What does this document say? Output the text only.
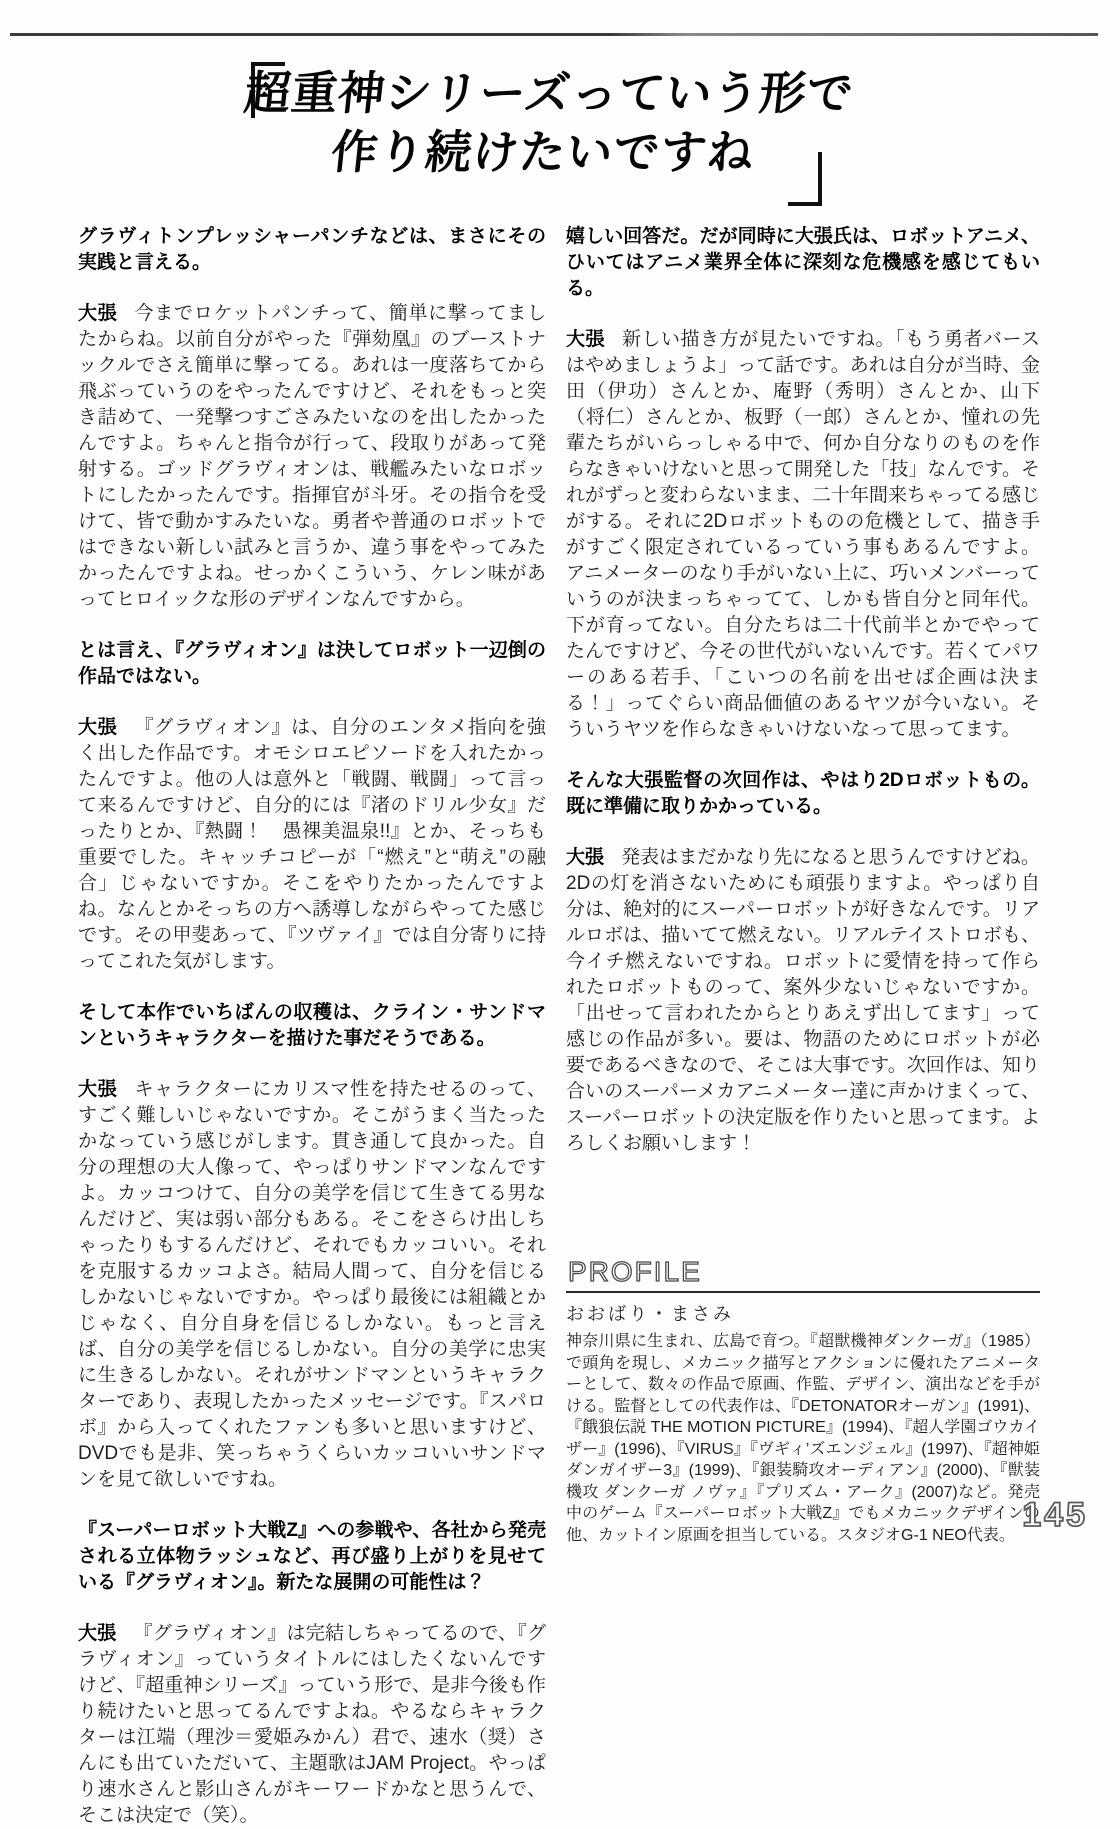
超重神シリーズっていう形で
作り続けたいですね

グラヴィトンプレッシャーパンチなどは、まさにその実践と言える。

大張 今までロケットパンチって、簡単に撃ってましたからね。以前自分がやった『弾劾凰』のブーストナックルでさえ簡単に撃ってる。あれは一度落ちてから飛ぶっていうのをやったんですけど、それをもっと突き詰めて、一発撃つすごさみたいなのを出したかったんですよ。ちゃんと指令が行って、段取りがあって発射する。ゴッドグラヴィオンは、戦艦みたいなロボットにしたかったんです。指揮官が斗牙。その指令を受けて、皆で動かすみたいな。勇者や普通のロボットではできない新しい試みと言うか、違う事をやってみたかったんですよね。せっかくこういう、ケレン味があってヒロイックな形のデザインなんですから。

とは言え、『グラヴィオン』は決してロボット一辺倒の作品ではない。

大張 『グラヴィオン』は、自分のエンタメ指向を強く出した作品です。オモシロエピソードを入れたかったんですよ。他の人は意外と「戦闘、戦闘」って言って来るんですけど、自分的には『渚のドリル少女』だったりとか、『熱闘！　愚裸美温泉!!』とか、そっちも重要でした。キャッチコピーが「“燃え”と“萌え”の融合」じゃないですか。そこをやりたかったんですよね。なんとかそっちの方へ誘導しながらやってた感じです。その甲斐あって、『ツヴァイ』では自分寄りに持ってこれた気がします。

そして本作でいちばんの収穫は、クライン・サンドマンというキャラクターを描けた事だそうである。

大張 キャラクターにカリスマ性を持たせるのって、すごく難しいじゃないですか。そこがうまく当たったかなっていう感じがします。貫き通して良かった。自分の理想の大人像って、やっぱりサンドマンなんですよ。カッコつけて、自分の美学を信じて生きてる男なんだけど、実は弱い部分もある。そこをさらけ出しちゃったりもするんだけど、それでもカッコいい。それを克服するカッコよさ。結局人間って、自分を信じるしかないじゃないですか。やっぱり最後には組織とかじゃなく、自分自身を信じるしかない。もっと言えば、自分の美学を信じるしかない。自分の美学に忠実に生きるしかない。それがサンドマンというキャラクターであり、表現したかったメッセージです。『スパロボ』から入ってくれたファンも多いと思いますけど、DVDでも是非、笑っちゃうくらいカッコいいサンドマンを見て欲しいですね。

『スーパーロボット大戦Z』への参戦や、各社から発売される立体物ラッシュなど、再び盛り上がりを見せている『グラヴィオン』。新たな展開の可能性は？

大張 『グラヴィオン』は完結しちゃってるので、『グラヴィオン』っていうタイトルにはしたくないんですけど、『超重神シリーズ』っていう形で、是非今後も作り続けたいと思ってるんですよね。やるならキャラクターは江端（理沙＝愛姫みかん）君で、速水（奨）さんにも出ていただいて、主題歌はJAM Project。やっぱり速水さんと影山さんがキーワードかなと思うんで、そこは決定で（笑）。

嬉しい回答だ。だが同時に大張氏は、ロボットアニメ、ひいてはアニメ業界全体に深刻な危機感を感じてもいる。

大張 新しい描き方が見たいですね。「もう勇者バースはやめましょうよ」って話です。あれは自分が当時、金田（伊功）さんとか、庵野（秀明）さんとか、山下（将仁）さんとか、板野（一郎）さんとか、憧れの先輩たちがいらっしゃる中で、何か自分なりのものを作らなきゃいけないと思って開発した「技」なんです。それがずっと変わらないまま、二十年間来ちゃってる感じがする。それに2Dロボットものの危機として、描き手がすごく限定されているっていう事もあるんですよ。アニメーターのなり手がいない上に、巧いメンバーっていうのが決まっちゃってて、しかも皆自分と同年代。下が育ってない。自分たちは二十代前半とかでやってたんですけど、今その世代がいないんです。若くてパワーのある若手、「こいつの名前を出せば企画は決まる！」ってぐらい商品価値のあるヤツが今いない。そういうヤツを作らなきゃいけないなって思ってます。

そんな大張監督の次回作は、やはり2Dロボットもの。既に準備に取りかかっている。

大張 発表はまだかなり先になると思うんですけどね。2Dの灯を消さないためにも頑張りますよ。やっぱり自分は、絶対的にスーパーロボットが好きなんです。リアルロボは、描いてて燃えない。リアルテイストロボも、今イチ燃えないですね。ロボットに愛情を持って作られたロボットものって、案外少ないじゃないですか。「出せって言われたからとりあえず出してます」って感じの作品が多い。要は、物語のためにロボットが必要であるべきなので、そこは大事です。次回作は、知り合いのスーパーメカアニメーター達に声かけまくって、スーパーロボットの決定版を作りたいと思ってます。よろしくお願いします！

PROFILE
おおばり・まさみ
神奈川県に生まれ、広島で育つ。『超獣機神ダンクーガ』（1985）で頭角を現し、メカニック描写とアクションに優れたアニメーターとして、数々の作品で原画、作監、デザイン、演出などを手がける。監督としての代表作は、『DETONATORオーガン』(1991)、『餓狼伝説 THE MOTION PICTURE』(1994)、『超人学園ゴウカイザー』(1996)、『VIRUS』『ヴギィ’ズエンジェル』(1997)、『超神姫ダンガイザー3』(1999)、『銀装騎攻オーディアン』(2000)、『獣装機攻 ダンクーガ ノヴァ』『プリズム・アーク』(2007)など。発売中のゲーム『スーパーロボット大戦Z』でもメカニックデザインの他、カットイン原画を担当している。スタジオG-1 NEO代表。
145
